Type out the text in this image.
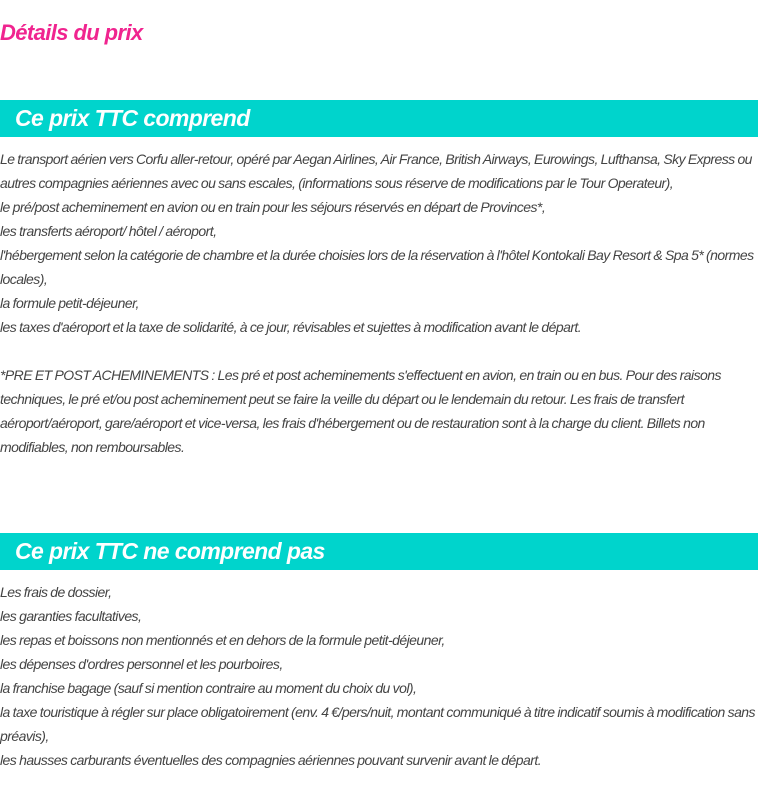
Détails du prix
Ce prix TTC comprend

Le transport aérien vers Corfu aller-retour, opéré par Aegan Airlines, Air France, British Airways, Eurowings, Lufthansa, Sky Express ou autres compagnies aériennes avec ou sans escales, (informations sous réserve de modifications par le Tour Operateur),

le pré/post acheminement en avion ou en train pour les séjours réservés en départ de Provinces*,

les transferts aéroport/ hôtel / aéroport,

l'hébergement selon la catégorie de chambre et la durée choisies lors de la réservation à l'hôtel Kontokali Bay Resort & Spa 5* (normes locales),

la formule petit-déjeuner,

les taxes d'aéroport et la taxe de solidarité, à ce jour, révisables et sujettes à modification avant le départ.

*PRE ET POST ACHEMINEMENTS : Les pré et post acheminements s'effectuent en avion, en train ou en bus. Pour des raisons techniques, le pré et/ou post acheminement peut se faire la veille du départ ou le lendemain du retour. Les frais de transfert aéroport/aéroport, gare/aéroport et vice-versa, les frais d'hébergement ou de restauration sont à la charge du client. Billets non modifiables, non remboursables.

Ce prix TTC ne comprend pas

Les frais de dossier,

les garanties facultatives,

les repas et boissons non mentionnés et en dehors de la formule petit-déjeuner,

les dépenses d'ordres personnel et les pourboires,

la franchise bagage (sauf si mention contraire au moment du choix du vol),

la taxe touristique à régler sur place obligatoirement (env. 4 €/pers/nuit, montant communiqué à titre indicatif soumis à modification sans préavis),

les hausses carburants éventuelles des compagnies aériennes pouvant survenir avant le départ.
